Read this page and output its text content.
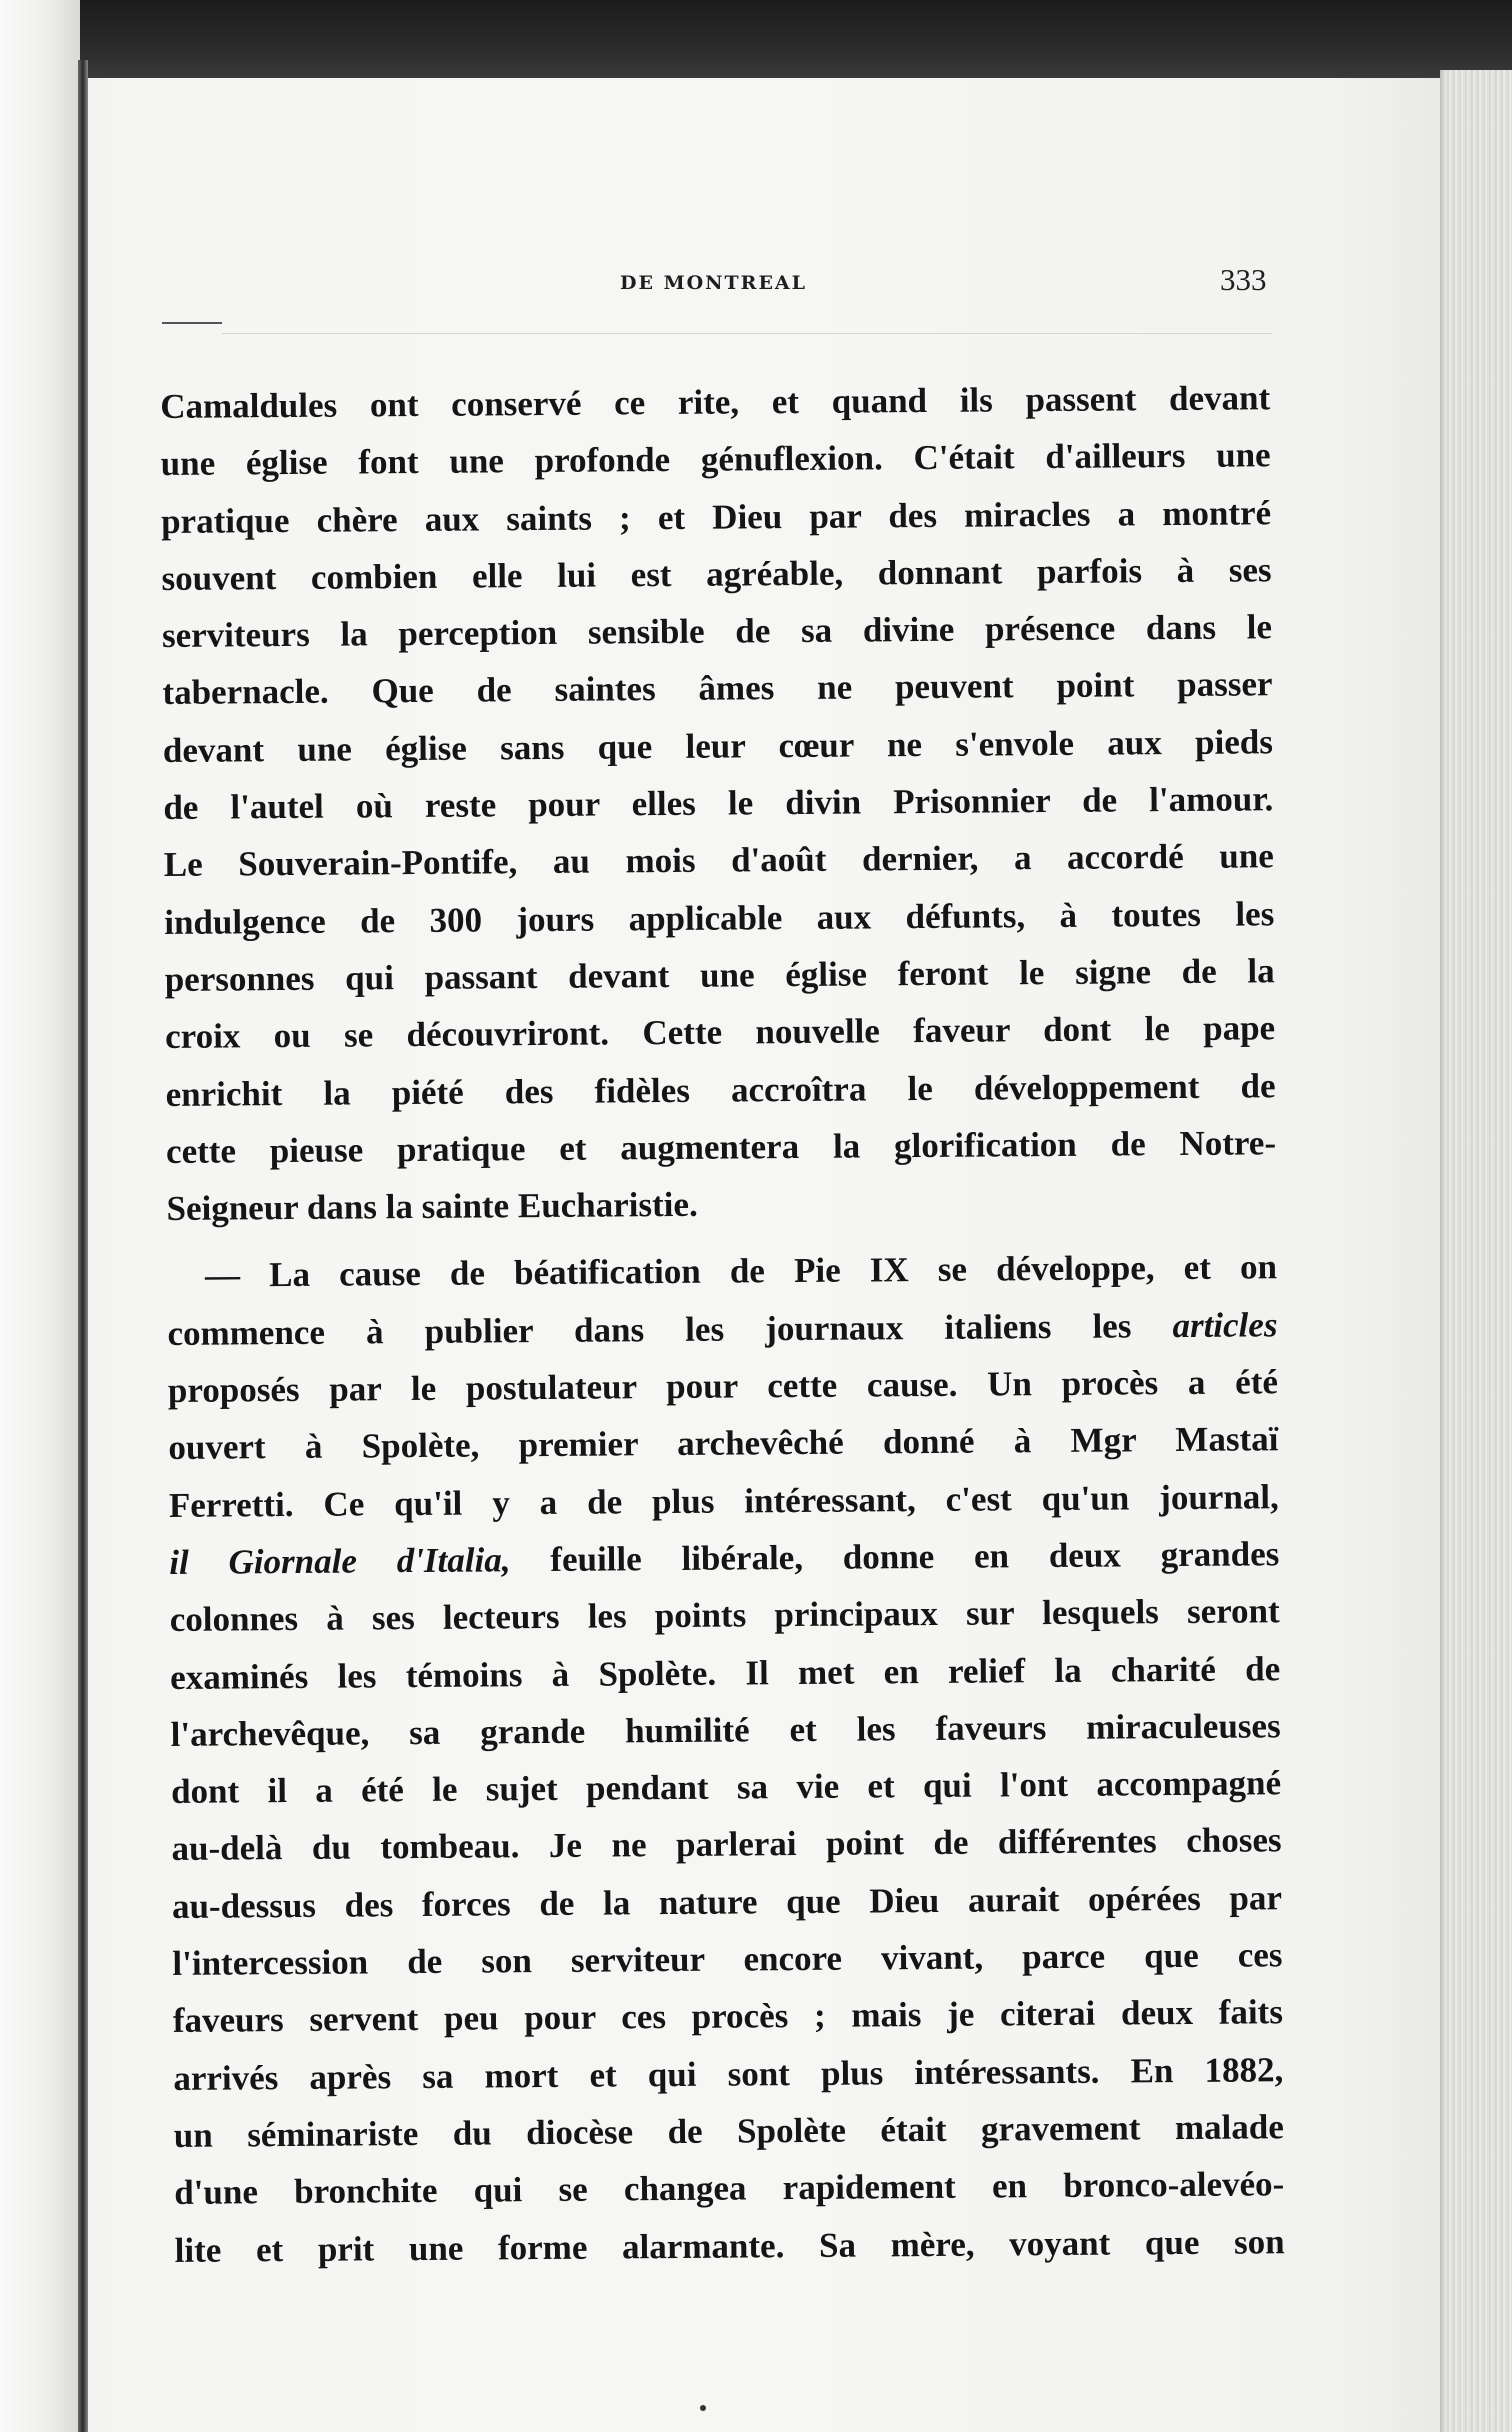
DE MONTREAL	333
Camaldules ont conservé ce rite, et quand ils passent devant
une église font une profonde génuflexion. C'était d'ailleurs une
pratique chère aux saints ; et Dieu par des miracles a montré
souvent combien elle lui est agréable, donnant parfois à ses
serviteurs la perception sensible de sa divine présence dans le
tabernacle. Que de saintes âmes ne peuvent point passer
devant une église sans que leur cœur ne s'envole aux pieds
de l'autel où reste pour elles le divin Prisonnier de l'amour.
Le Souverain-Pontife, au mois d'août dernier, a accordé une
indulgence de 300 jours applicable aux défunts, à toutes les
personnes qui passant devant une église feront le signe de la
croix ou se découvriront. Cette nouvelle faveur dont le pape
enrichit la piété des fidèles accroîtra le développement de
cette pieuse pratique et augmentera la glorification de Notre-
Seigneur dans la sainte Eucharistie.
— La cause de béatification de Pie IX se développe, et on
commence à publier dans les journaux italiens les articles
proposés par le postulateur pour cette cause. Un procès a été
ouvert à Spolète, premier archevêché donné à Mgr Mastaï
Ferretti. Ce qu'il y a de plus intéressant, c'est qu'un journal,
il Giornale d'Italia, feuille libérale, donne en deux grandes
colonnes à ses lecteurs les points principaux sur lesquels seront
examinés les témoins à Spolète. Il met en relief la charité de
l'archevêque, sa grande humilité et les faveurs miraculeuses
dont il a été le sujet pendant sa vie et qui l'ont accompagné
au-delà du tombeau. Je ne parlerai point de différentes choses
au-dessus des forces de la nature que Dieu aurait opérées par
l'intercession de son serviteur encore vivant, parce que ces
faveurs servent peu pour ces procès ; mais je citerai deux faits
arrivés après sa mort et qui sont plus intéressants. En 1882,
un séminariste du diocèse de Spolète était gravement malade
d'une bronchite qui se changea rapidement en bronco-alevéo-
lite et prit une forme alarmante. Sa mère, voyant que son
